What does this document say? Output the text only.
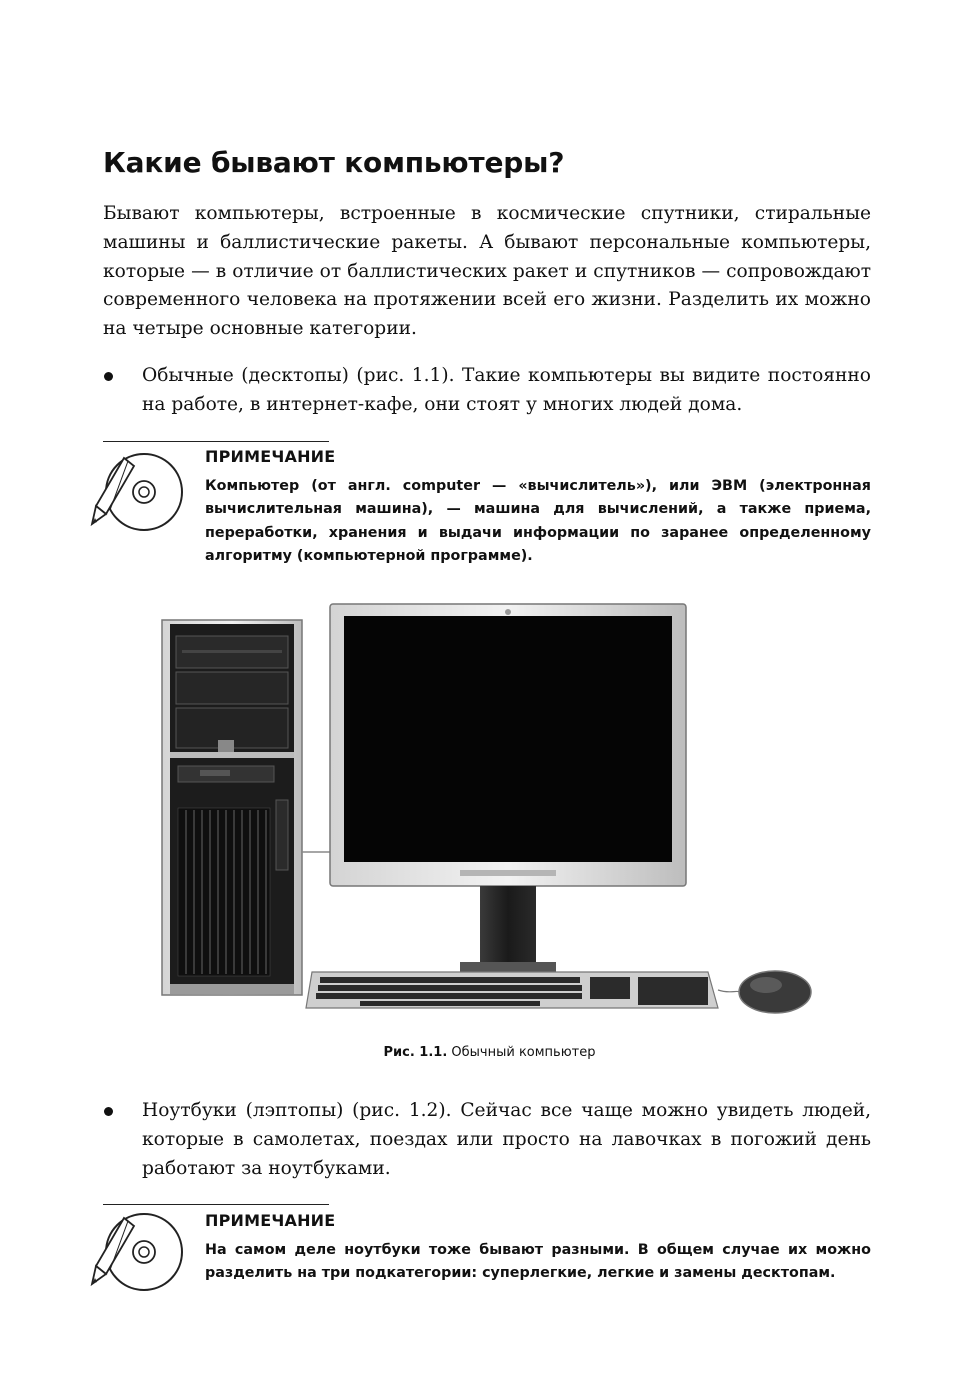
Какие бывают компьютеры?

Бывают компьютеры, встроенные в космические спутники, стиральные машины и баллистические ракеты. А бывают персональные компьютеры, которые — в отличие от баллистических ракет и спутников — сопровождают современного человека на протяжении всей его жизни. Разделить их можно на четыре основные категории.

Обычные (десктопы) (рис. 1.1). Такие компьютеры вы видите постоянно на работе, в интернет-кафе, они стоят у многих людей дома.

ПРИМЕЧАНИЕ
Компьютер (от англ. computer — «вычислитель»), или ЭВМ (электронная вычислительная машина), — машина для вычислений, а также приема, переработки, хранения и выдачи информации по заранее определенному алгоритму (компьютерной программе).
Рис. 1.1. Обычный компьютер

Ноутбуки (лэптопы) (рис. 1.2). Сейчас все чаще можно увидеть людей, которые в самолетах, поездах или просто на лавочках в погожий день работают за ноутбуками.

ПРИМЕЧАНИЕ
На самом деле ноутбуки тоже бывают разными. В общем случае их можно разделить на три подкатегории: суперлегкие, легкие и замены десктопам.
